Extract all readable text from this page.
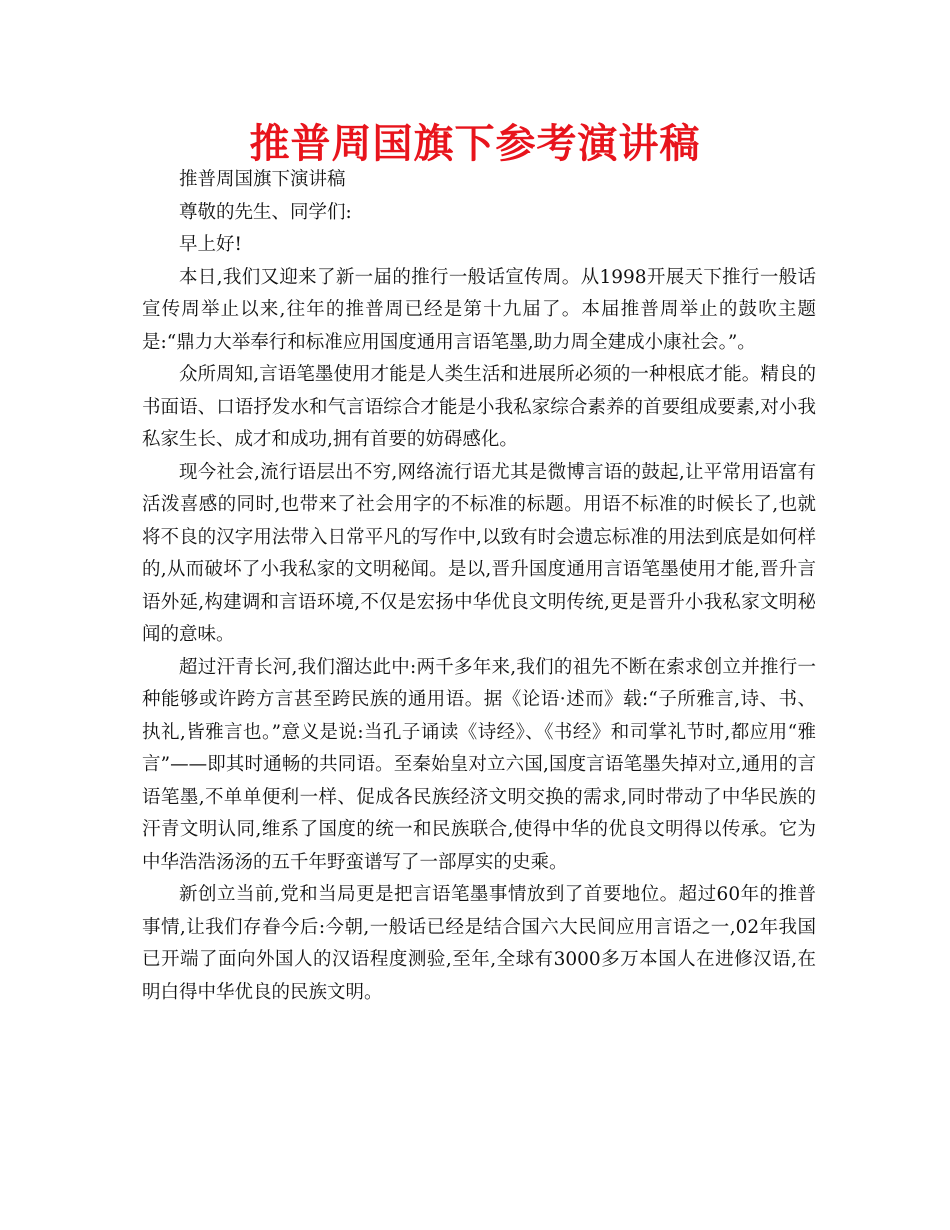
推普周国旗下参考演讲稿

推普周国旗下演讲稿

尊敬的先生、同学们:

早上好!

本日,我们又迎来了新一届的推行一般话宣传周。从1998开展天下推行一般话宣传周举止以来,往年的推普周已经是第十九届了。本届推普周举止的鼓吹主题是:“鼎力大举奉行和标准应用国度通用言语笔墨,助力周全建成小康社会。”。

众所周知,言语笔墨使用才能是人类生活和进展所必须的一种根底才能。精良的书面语、口语抒发水和气言语综合才能是小我私家综合素养的首要组成要素,对小我私家生长、成才和成功,拥有首要的妨碍感化。

现今社会,流行语层出不穷,网络流行语尤其是微博言语的鼓起,让平常用语富有活泼喜感的同时,也带来了社会用字的不标准的标题。用语不标准的时候长了,也就将不良的汉字用法带入日常平凡的写作中,以致有时会遗忘标准的用法到底是如何样的,从而破坏了小我私家的文明秘闻。是以,晋升国度通用言语笔墨使用才能,晋升言语外延,构建调和言语环境,不仅是宏扬中华优良文明传统,更是晋升小我私家文明秘闻的意味。

超过汗青长河,我们溜达此中:两千多年来,我们的祖先不断在索求创立并推行一种能够或许跨方言甚至跨民族的通用语。据《论语·述而》载:“子所雅言,诗、书、执礼,皆雅言也。”意义是说:当孔子诵读《诗经》、《书经》和司掌礼节时,都应用“雅言”——即其时通畅的共同语。至秦始皇对立六国,国度言语笔墨失掉对立,通用的言语笔墨,不单单便利一样、促成各民族经济文明交换的需求,同时带动了中华民族的汗青文明认同,维系了国度的统一和民族联合,使得中华的优良文明得以传承。它为中华浩浩汤汤的五千年野蛮谱写了一部厚实的史乘。

新创立当前,党和当局更是把言语笔墨事情放到了首要地位。超过60年的推普事情,让我们存眷今后:今朝,一般话已经是结合国六大民间应用言语之一,02年我国已开端了面向外国人的汉语程度测验,至年,全球有3000多万本国人在进修汉语,在明白得中华优良的民族文明。
